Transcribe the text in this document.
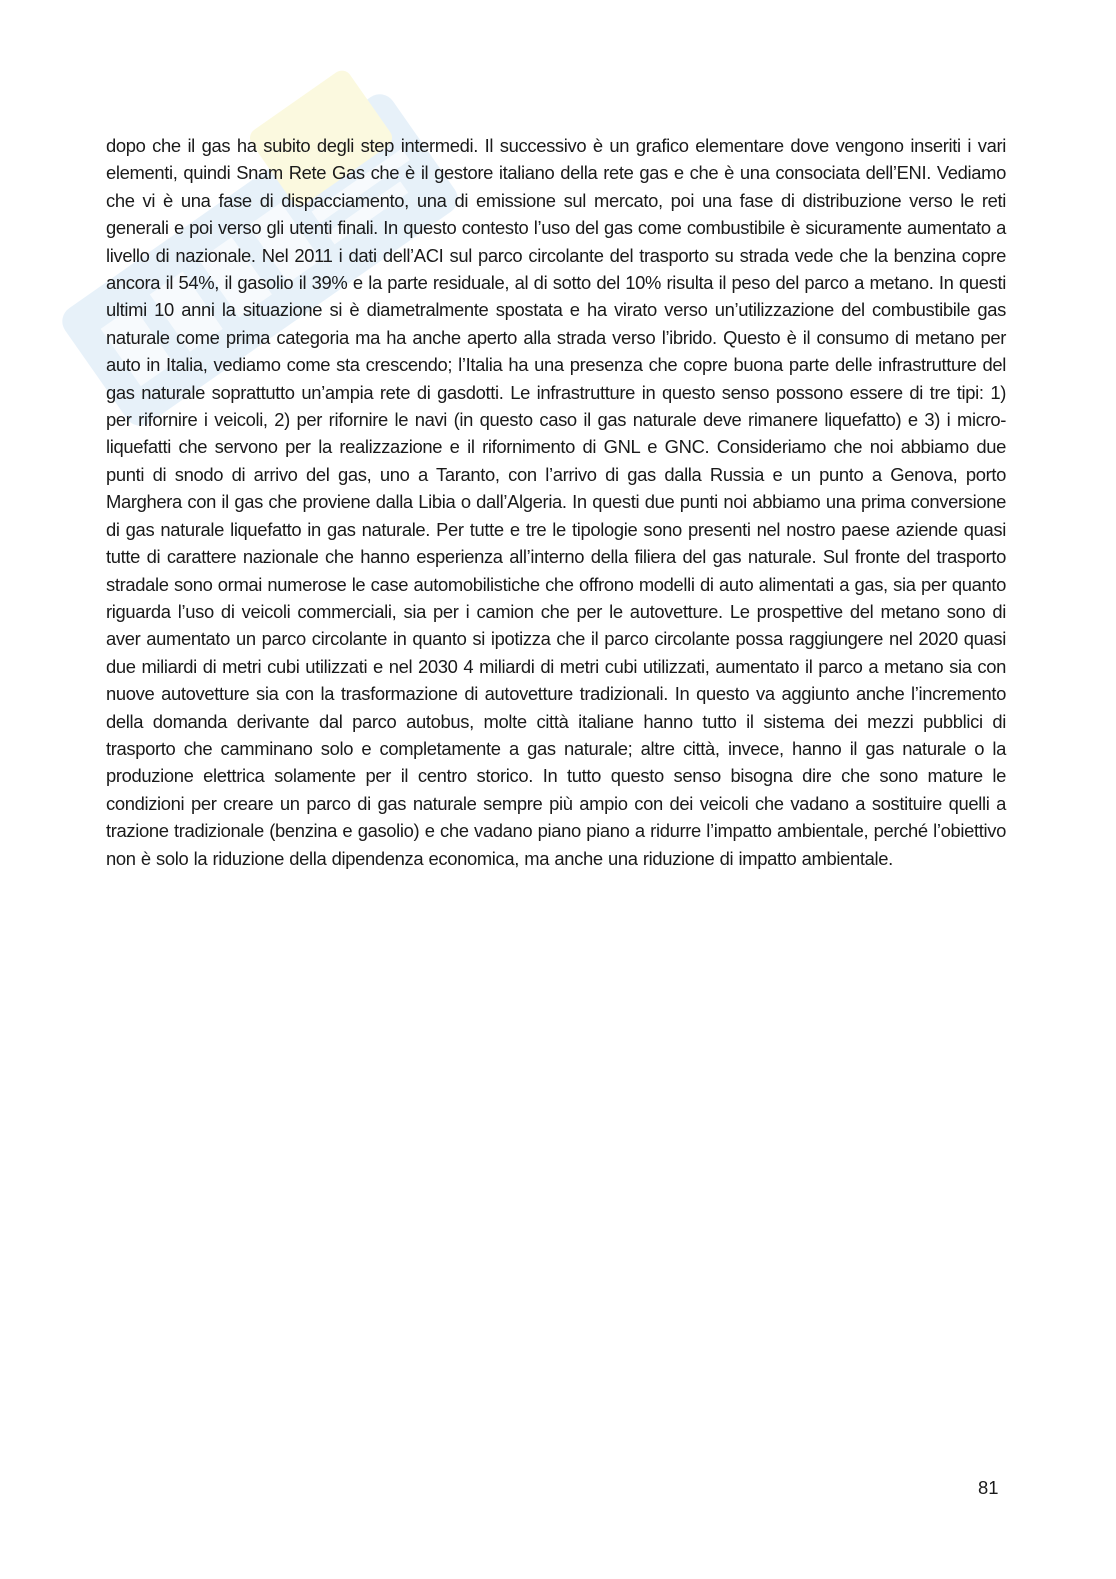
dopo che il gas ha subito degli step intermedi. Il successivo è un grafico elementare dove vengono inseriti i vari elementi, quindi Snam Rete Gas che è il gestore italiano della rete gas e che è una consociata dell’ENI. Vediamo che vi è una fase di dispacciamento, una di emissione sul mercato, poi una fase di distribuzione verso le reti generali e poi verso gli utenti finali. In questo contesto l’uso del gas come combustibile è sicuramente aumentato a livello di nazionale. Nel 2011 i dati dell’ACI sul parco circolante del trasporto su strada vede che la benzina copre ancora il 54%, il gasolio il 39% e la parte residuale, al di sotto del 10% risulta il peso del parco a metano. In questi ultimi 10 anni la situazione si è diametralmente spostata e ha virato verso un’utilizzazione del combustibile gas naturale come prima categoria ma ha anche aperto alla strada verso l’ibrido. Questo è il consumo di metano per auto in Italia, vediamo come sta crescendo; l’Italia ha una presenza che copre buona parte delle infrastrutture del gas naturale soprattutto un’ampia rete di gasdotti. Le infrastrutture in questo senso possono essere di tre tipi: 1) per rifornire i veicoli, 2) per rifornire le navi (in questo caso il gas naturale deve rimanere liquefatto) e 3) i micro-liquefatti che servono per la realizzazione e il rifornimento di GNL e GNC. Consideriamo che noi abbiamo due punti di snodo di arrivo del gas, uno a Taranto, con l’arrivo di gas dalla Russia e un punto a Genova, porto Marghera con il gas che proviene dalla Libia o dall’Algeria. In questi due punti noi abbiamo una prima conversione di gas naturale liquefatto in gas naturale. Per tutte e tre le tipologie sono presenti nel nostro paese aziende quasi tutte di carattere nazionale che hanno esperienza all’interno della filiera del gas naturale. Sul fronte del trasporto stradale sono ormai numerose le case automobilistiche che offrono modelli di auto alimentati a gas, sia per quanto riguarda l’uso di veicoli commerciali, sia per i camion che per le autovetture. Le prospettive del metano sono di aver aumentato un parco circolante in quanto si ipotizza che il parco circolante possa raggiungere nel 2020 quasi due miliardi di metri cubi utilizzati e nel 2030 4 miliardi di metri cubi utilizzati, aumentato il parco a metano sia con nuove autovetture sia con la trasformazione di autovetture tradizionali. In questo va aggiunto anche l’incremento della domanda derivante dal parco autobus, molte città italiane hanno tutto il sistema dei mezzi pubblici di trasporto che camminano solo e completamente a gas naturale; altre città, invece, hanno il gas naturale o la produzione elettrica solamente per il centro storico. In tutto questo senso bisogna dire che sono mature le condizioni per creare un parco di gas naturale sempre più ampio con dei veicoli che vadano a sostituire quelli a trazione tradizionale (benzina e gasolio) e che vadano piano piano a ridurre l’impatto ambientale, perché l’obiettivo non è solo la riduzione della dipendenza economica, ma anche una riduzione di impatto ambientale.

81
